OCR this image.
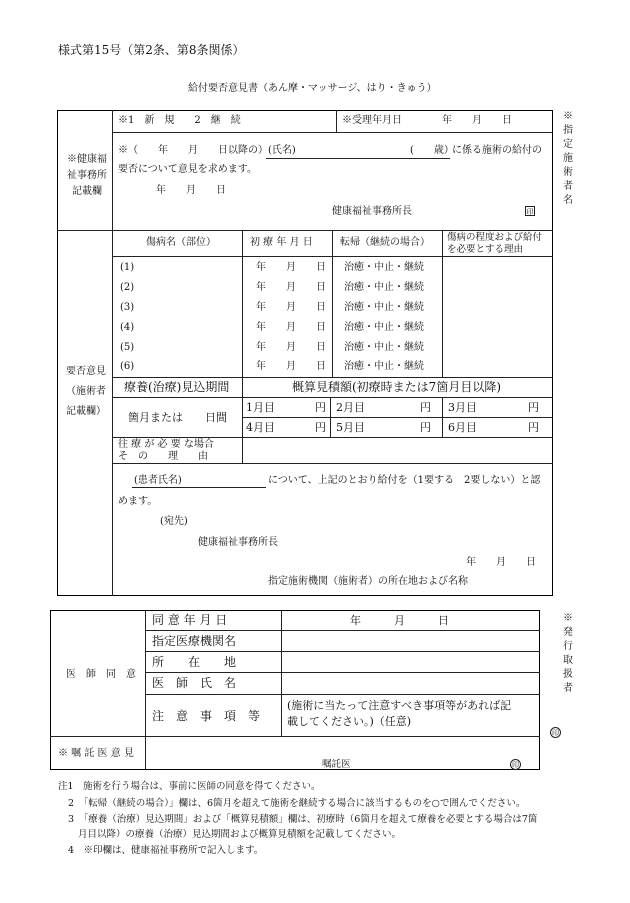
様式第15号（第2条、第8条関係）
給付要否意見書（あん摩・マッサージ、はり・きゅう）
※指定施術者名
※発行取扱者
印
※健康福祉事務所記載欄
※1　新　規　　2　継　続	※受理年月日	年　　月　　日
※（　　年　　月　　日以降の） (氏名)	(　　歳）
に係る施術の給付の
要否について意見を求めます。
年　　月　　日
健康福祉事務所長	印
要否意見（施術者記載欄）
傷病名（部位）	初 療 年 月 日	転帰（継続の場合） 傷病の程度および給付を必要とする理由
(1)	年　　月　　日 治癒・中止・継続
(2)	年　　月　　日 治癒・中止・継続
(3)	年　　月　　日 治癒・中止・継続
(4)	年　　月　　日 治癒・中止・継続
(5)	年　　月　　日 治癒・中止・継続
(6)	年　　月　　日 治癒・中止・継続
療養(治療)見込期間	概算見積額(初療時または7箇月目以降)
箇月または　　日間
1月目	円 2月目	円 3月目	円
4月目	円 5月目	円 6月目	円
往 療 が 必 要 な場合
そ　の　　理　　由
(患者氏名)	について、上記のとおり給付を（1要する　2要しない）と認
めます。
(宛先)
健康福祉事務所長
年　　月　　日
指定施術機関（施術者）の所在地および名称
医　師　同　意
同 意 年 月 日	年　　　月　　　日
指定医療機関名
所　　在　　地
医　師　氏　名
注　意　事　項　等
(施術に当たって注意すべき事項等があれば記
載してください。)（任意)
※ 嘱 託 医 意 見
嘱託医	印
注1　施術を行う場合は、事前に医師の同意を得てください。
2　「転帰（継続の場合）」欄は、6箇月を超えて施術を継続する場合に該当するものを○で囲んでください。
3　「療養（治療）見込期間」および「概算見積額」欄は、初療時（6箇月を超えて療養を必要とする場合は7箇
月目以降）の療養（治療）見込期間および概算見積額を記載してください。
4　※印欄は、健康福祉事務所で記入します。
